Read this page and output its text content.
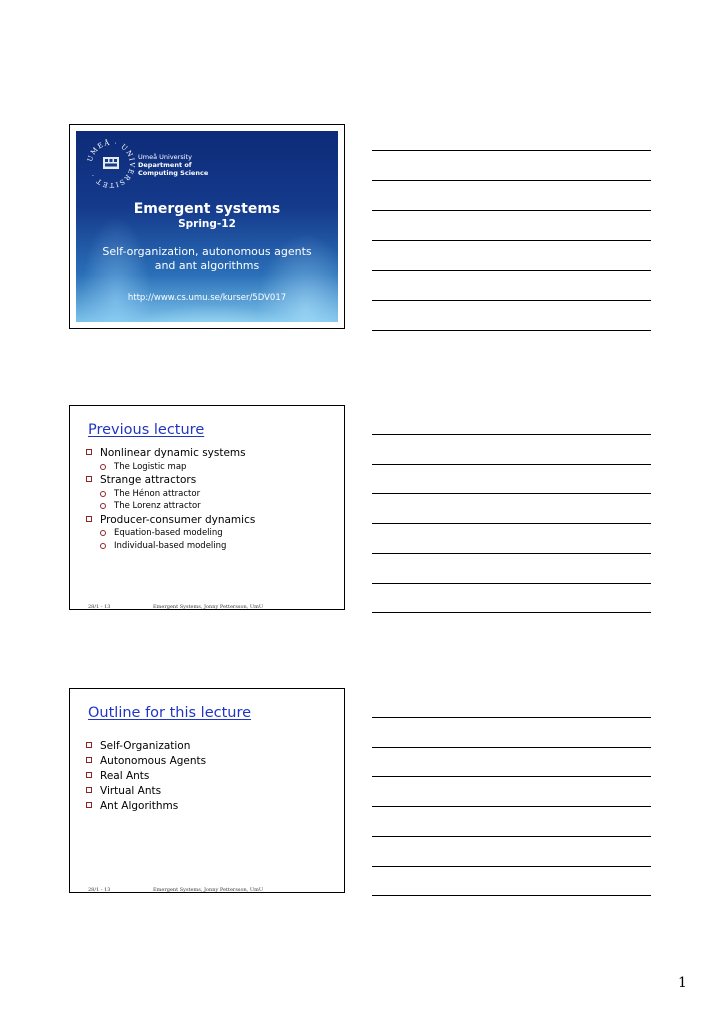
UMEÅ · UNIVERSITET ·
Umeå University
Department of
Computing Science
Emergent systems
Spring-12
Self-organization, autonomous agents
and ant algorithms
http://www.cs.umu.se/kurser/5DV017
Previous lecture
Nonlinear dynamic systems
The Logistic map
Strange attractors
The Hénon attractor
The Lorenz attractor
Producer-consumer dynamics
Equation-based modeling
Individual-based modeling
28/1 - 13	Emergent Systems, Jonny Pettersson, UmU
Outline for this lecture
Self-Organization
Autonomous Agents
Real Ants
Virtual Ants
Ant Algorithms
28/1 - 13	Emergent Systems, Jonny Pettersson, UmU
1
